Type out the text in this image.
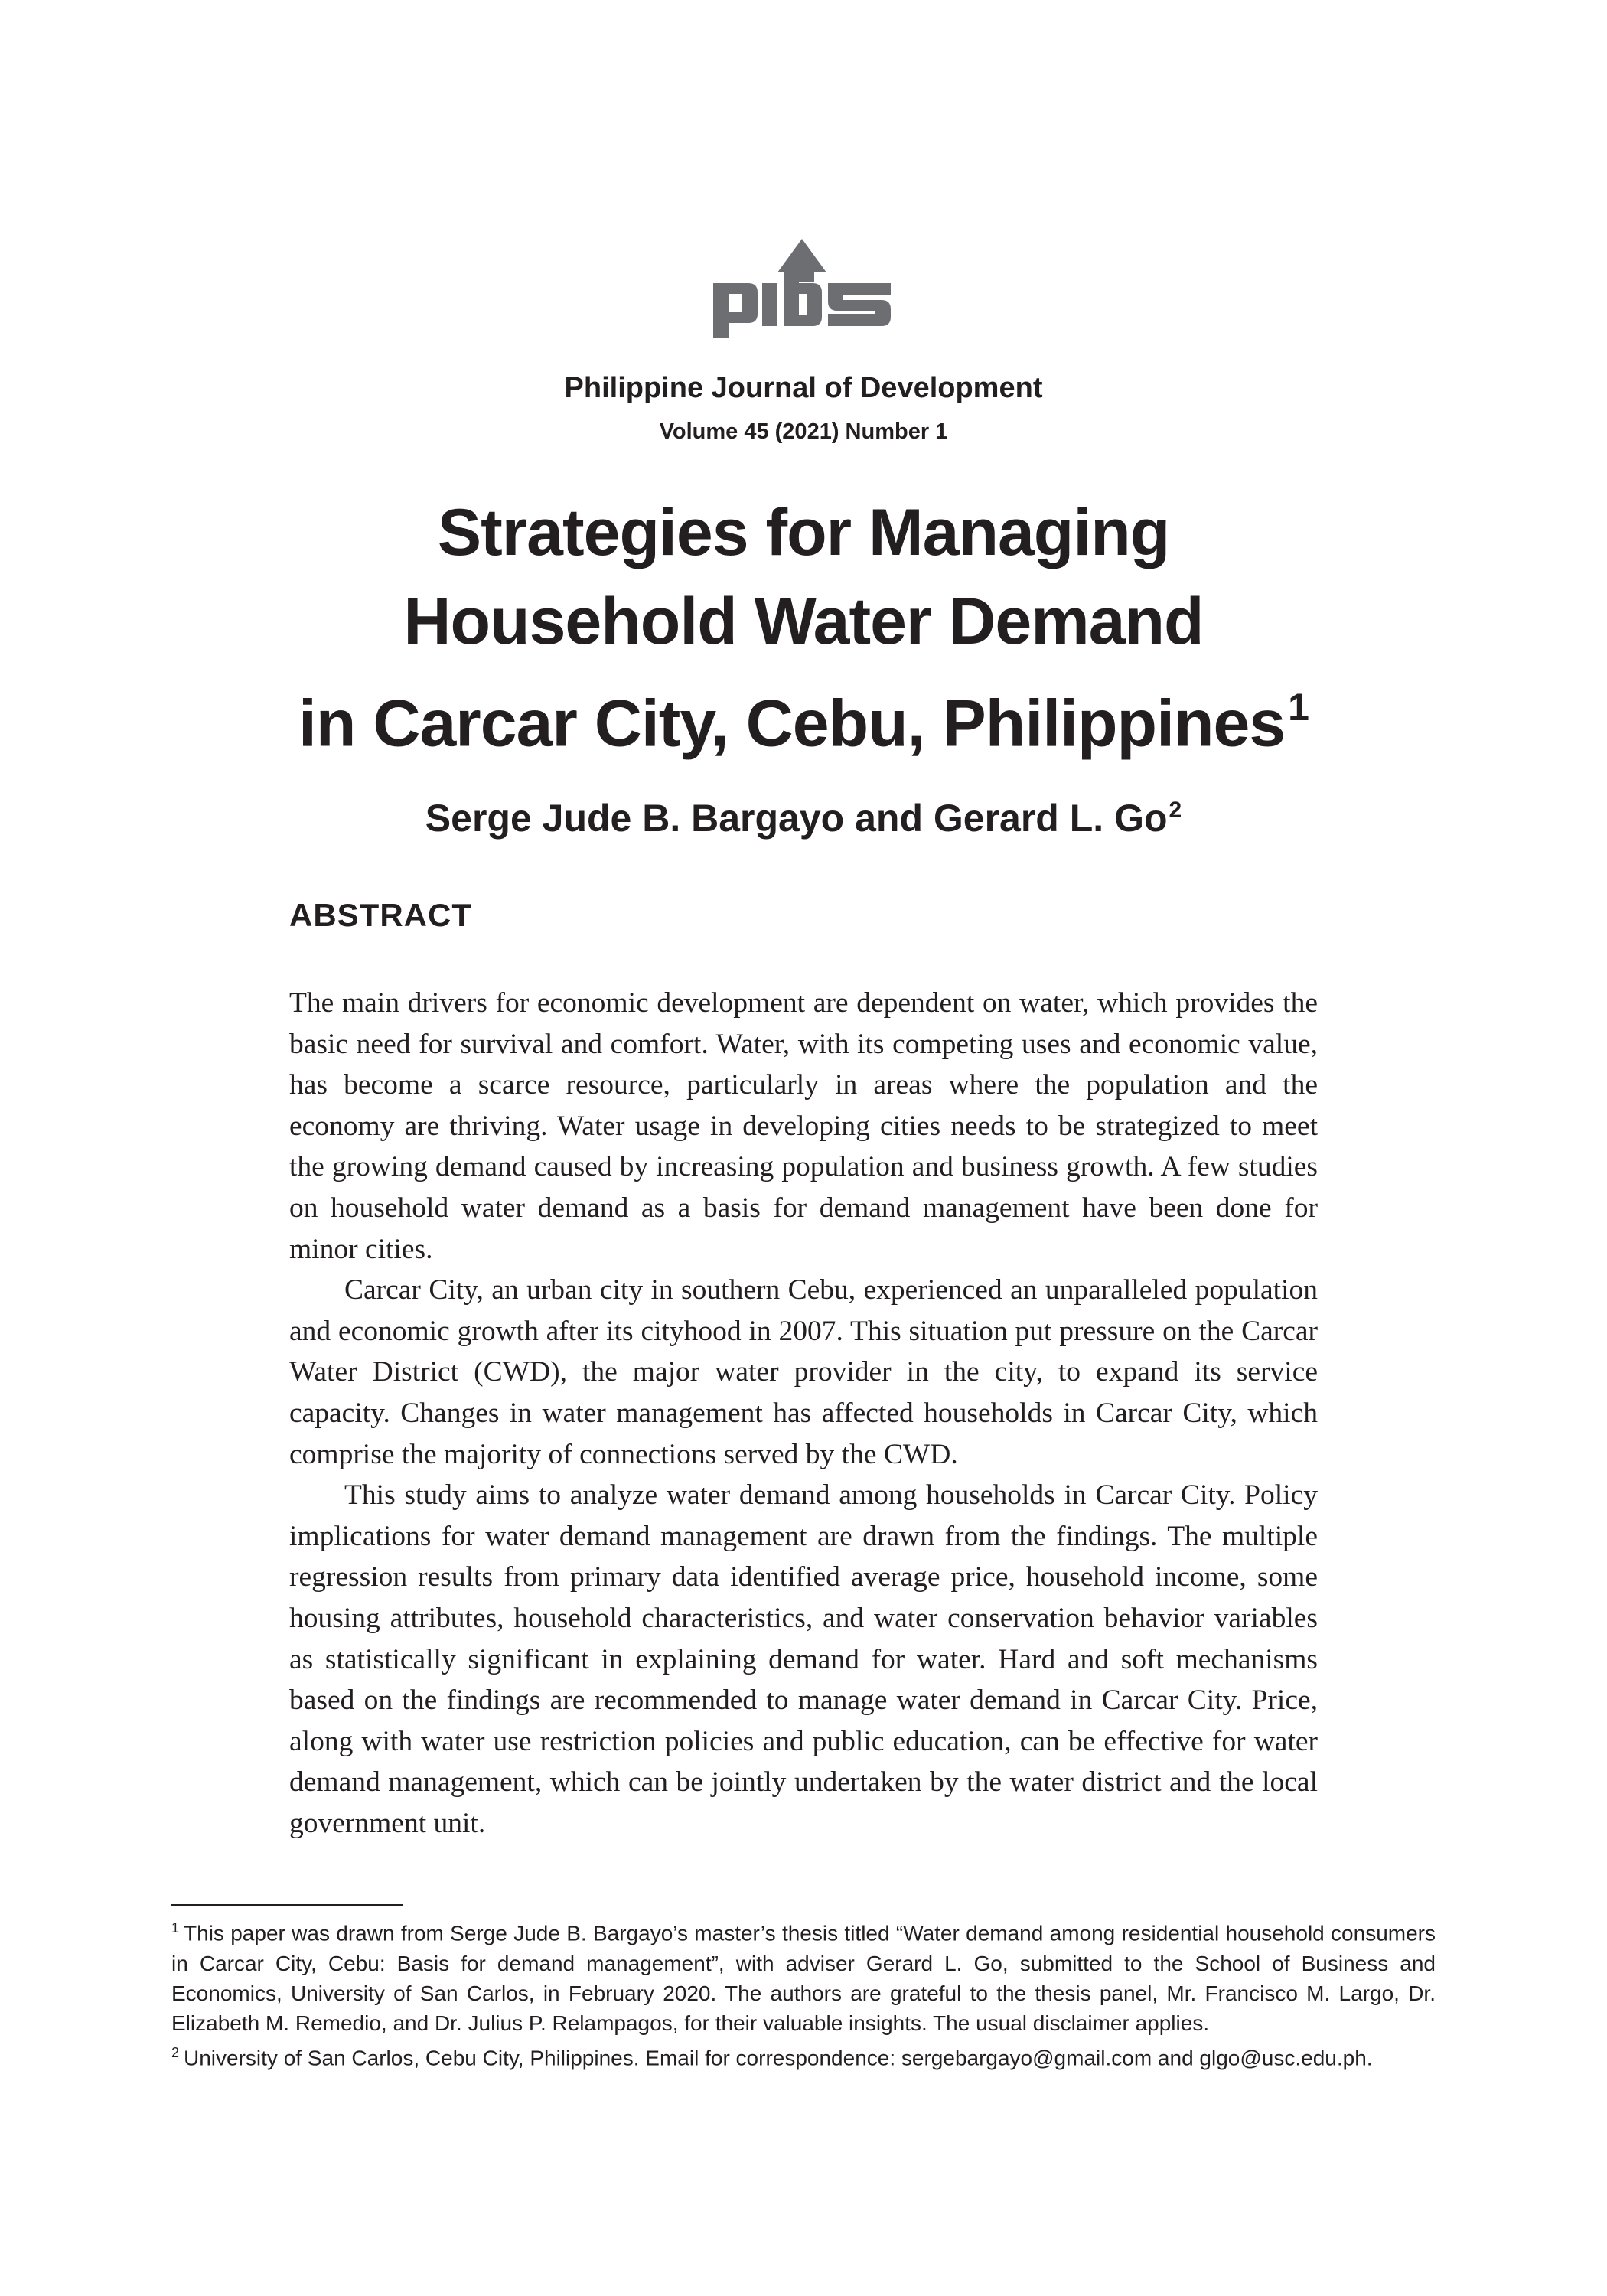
Philippine Journal of Development
Volume 45 (2021) Number 1
Strategies for Managing
Household Water Demand
in Carcar City, Cebu, Philippines$^1$
Serge Jude B. Bargayo and Gerard L. Go$^2$
ABSTRACT

The main drivers for economic development are dependent on water, which provides the basic need for survival and comfort. Water, with its competing uses and economic value, has become a scarce resource, particularly in areas where the population and the economy are thriving. Water usage in developing cities needs to be strategized to meet the growing demand caused by increasing population and business growth. A few studies on household water demand as a basis for demand management have been done for minor cities.

Carcar City, an urban city in southern Cebu, experienced an unparalleled population and economic growth after its cityhood in 2007. This situation put pressure on the Carcar Water District (CWD), the major water provider in the city, to expand its service capacity. Changes in water management has affected households in Carcar City, which comprise the majority of connections served by the CWD.

This study aims to analyze water demand among households in Carcar City. Policy implications for water demand management are drawn from the findings. The multiple regression results from primary data identified average price, household income, some housing attributes, household characteristics, and water conservation behavior variables as statistically significant in explaining demand for water. Hard and soft mechanisms based on the findings are recommended to manage water demand in Carcar City. Price, along with water use restriction policies and public education, can be effective for water demand management, which can be jointly undertaken by the water district and the local government unit.

$^1$ This paper was drawn from Serge Jude B. Bargayo’s master’s thesis titled “Water demand among residential household consumers in Carcar City, Cebu: Basis for demand management”, with adviser Gerard L. Go, submitted to the School of Business and Economics, University of San Carlos, in February 2020. The authors are grateful to the thesis panel, Mr. Francisco M. Largo, Dr. Elizabeth M. Remedio, and Dr. Julius P. Relampagos, for their valuable insights. The usual disclaimer applies.

$^2$ University of San Carlos, Cebu City, Philippines. Email for correspondence: sergebargayo@gmail.com and glgo@usc.edu.ph.
